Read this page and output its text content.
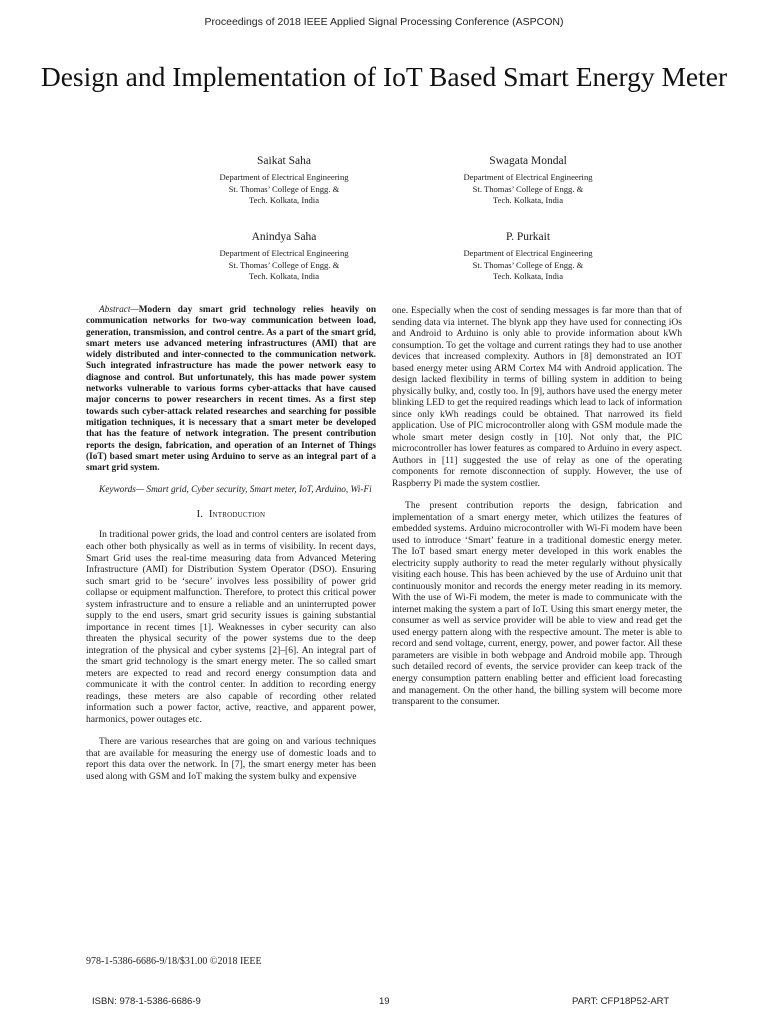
Proceedings of 2018 IEEE Applied Signal Processing Conference (ASPCON)
Design and Implementation of IoT Based Smart Energy Meter
Saikat Saha
Department of Electrical Engineering
St. Thomas’ College of Engg. &
Tech. Kolkata, India
Swagata Mondal
Department of Electrical Engineering
St. Thomas’ College of Engg. &
Tech. Kolkata, India
Anindya Saha
Department of Electrical Engineering
St. Thomas’ College of Engg. &
Tech. Kolkata, India
P. Purkait
Department of Electrical Engineering
St. Thomas’ College of Engg. &
Tech. Kolkata, India

Abstract—Modern day smart grid technology relies heavily on communication networks for two-way communication between load, generation, transmission, and control centre. As a part of the smart grid, smart meters use advanced metering infrastructures (AMI) that are widely distributed and inter-connected to the communication network. Such integrated infrastructure has made the power network easy to diagnose and control. But unfortunately, this has made power system networks vulnerable to various forms cyber-attacks that have caused major concerns to power researchers in recent times. As a first step towards such cyber-attack related researches and searching for possible mitigation techniques, it is necessary that a smart meter be developed that has the feature of network integration. The present contribution reports the design, fabrication, and operation of an Internet of Things (IoT) based smart meter using Arduino to serve as an integral part of a smart grid system.

Keywords— Smart grid, Cyber security, Smart meter, IoT, Arduino, Wi-Fi

I. Introduction

In traditional power grids, the load and control centers are isolated from each other both physically as well as in terms of visibility. In recent days, Smart Grid uses the real-time measuring data from Advanced Metering Infrastructure (AMI) for Distribution System Operator (DSO). Ensuring such smart grid to be ‘secure’ involves less possibility of power grid collapse or equipment malfunction. Therefore, to protect this critical power system infrastructure and to ensure a reliable and an uninterrupted power supply to the end users, smart grid security issues is gaining substantial importance in recent times [1]. Weaknesses in cyber security can also threaten the physical security of the power systems due to the deep integration of the physical and cyber systems [2]–[6]. An integral part of the smart grid technology is the smart energy meter. The so called smart meters are expected to read and record energy consumption data and communicate it with the control center. In addition to recording energy readings, these meters are also capable of recording other related information such a power factor, active, reactive, and apparent power, harmonics, power outages etc.

There are various researches that are going on and various techniques that are available for measuring the energy use of domestic loads and to report this data over the network. In [7], the smart energy meter has been used along with GSM and IoT making the system bulky and expensive

one. Especially when the cost of sending messages is far more than that of sending data via internet. The blynk app they have used for connecting iOs and Android to Arduino is only able to provide information about kWh consumption. To get the voltage and current ratings they had to use another devices that increased complexity. Authors in [8] demonstrated an IOT based energy meter using ARM Cortex M4 with Android application. The design lacked flexibility in terms of billing system in addition to being physically bulky, and, costly too. In [9], authors have used the energy meter blinking LED to get the required readings which lead to lack of information since only kWh readings could be obtained. That narrowed its field application. Use of PIC microcontroller along with GSM module made the whole smart meter design costly in [10]. Not only that, the PIC microcontroller has lower features as compared to Arduino in every aspect. Authors in [11] suggested the use of relay as one of the operating components for remote disconnection of supply. However, the use of Raspberry Pi made the system costlier.

The present contribution reports the design, fabrication and implementation of a smart energy meter, which utilizes the features of embedded systems. Arduino microcontroller with Wi-Fi modem have been used to introduce ‘Smart’ feature in a traditional domestic energy meter. The IoT based smart energy meter developed in this work enables the electricity supply authority to read the meter regularly without physically visiting each house. This has been achieved by the use of Arduino unit that continuously monitor and records the energy meter reading in its memory. With the use of Wi-Fi modem, the meter is made to communicate with the internet making the system a part of IoT. Using this smart energy meter, the consumer as well as service provider will be able to view and read get the used energy pattern along with the respective amount. The meter is able to record and send voltage, current, energy, power, and power factor. All these parameters are visible in both webpage and Android mobile app. Through such detailed record of events, the service provider can keep track of the energy consumption pattern enabling better and efficient load forecasting and management. On the other hand, the billing system will become more transparent to the consumer.

978-1-5386-6686-9/18/$31.00 ©2018 IEEE
ISBN: 978-1-5386-6686-9	19	PART: CFP18P52-ART
